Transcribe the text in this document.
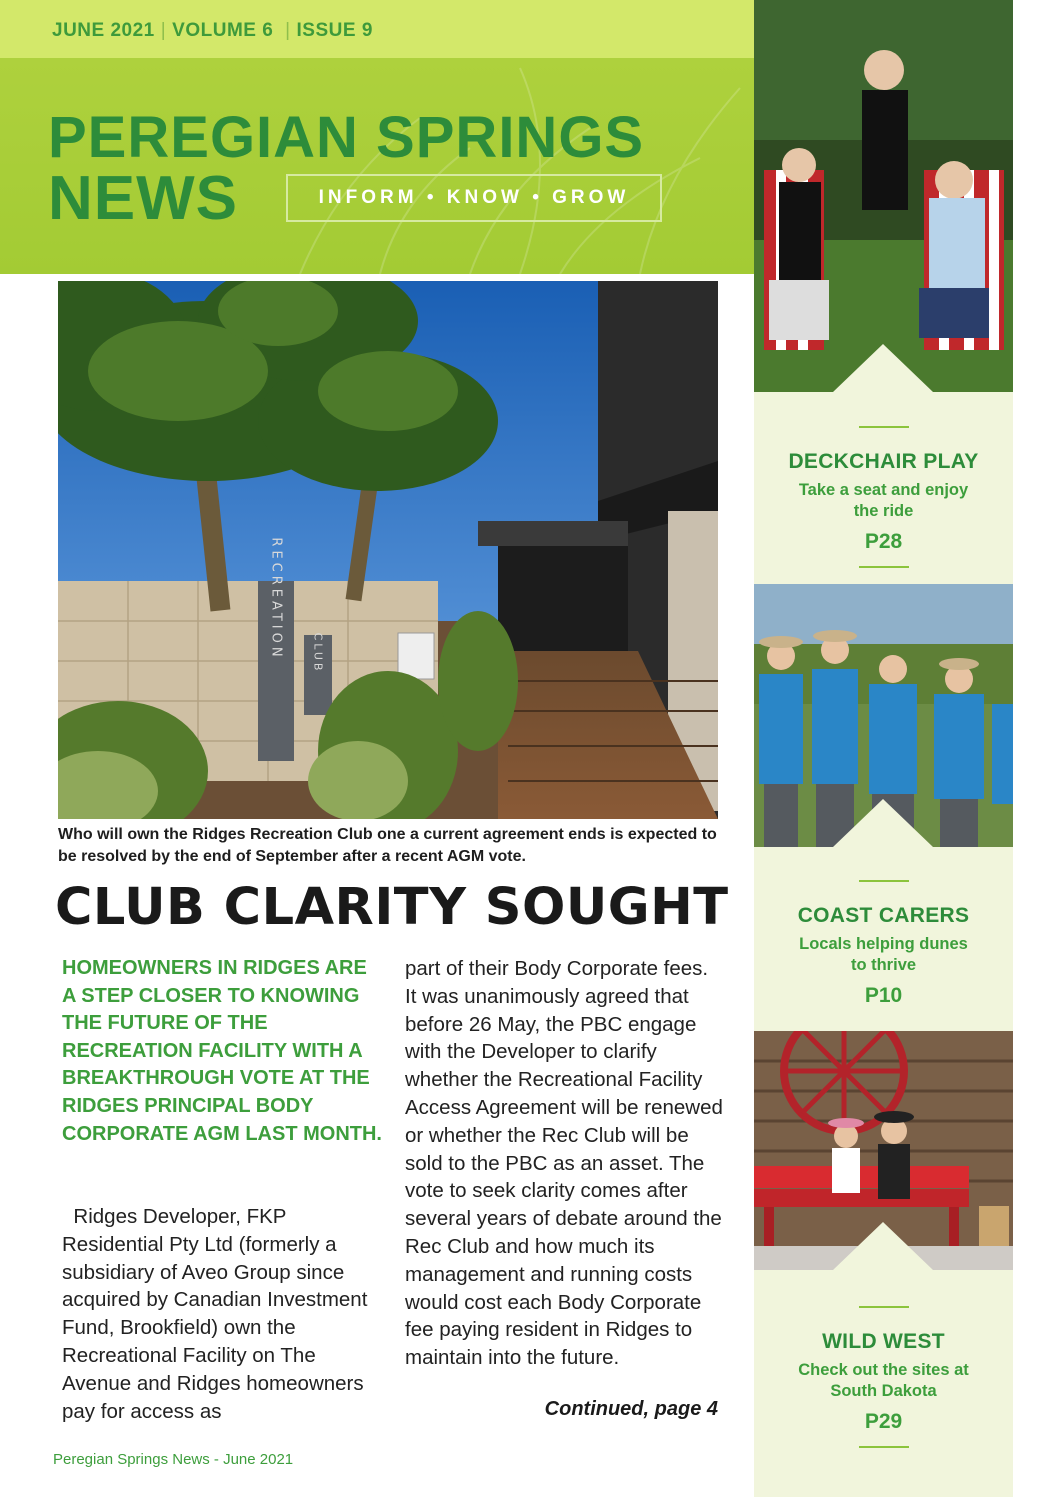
JUNE 2021 | VOLUME 6 | ISSUE 9
PEREGIAN SPRINGS
NEWS	INFORM • KNOW • GROW
RECREATION	CLUB
Who will own the Ridges Recreation Club one a current agreement ends is expected to be resolved by the end of September after a recent AGM vote.
CLUB CLARITY SOUGHT
HOMEOWNERS IN RIDGES ARE A STEP CLOSER TO KNOWING THE FUTURE OF THE RECREATION FACILITY WITH A BREAKTHROUGH VOTE AT THE RIDGES PRINCIPAL BODY CORPORATE AGM LAST MONTH.
Ridges Developer, FKP Residential Pty Ltd (formerly a subsidiary of Aveo Group since acquired by Canadian Investment Fund, Brookfield) own the Recreational Facility on The Avenue and Ridges homeowners pay for access as
part of their Body Corporate fees. It was unanimously agreed that before 26 May, the PBC engage with the Developer to clarify whether the Recreational Facility Access Agreement will be renewed or whether the Rec Club will be sold to the PBC as an asset. The vote to seek clarity comes after several years of debate around the Rec Club and how much its management and running costs would cost each Body Corporate fee paying resident in Ridges to maintain into the future.
Continued, page 4
Peregian Springs News - June 2021
DECKCHAIR PLAY
Take a seat and enjoy the ride
P28
COAST CARERS
Locals helping dunes to thrive
P10
WILD WEST
Check out the sites at South Dakota
P29
